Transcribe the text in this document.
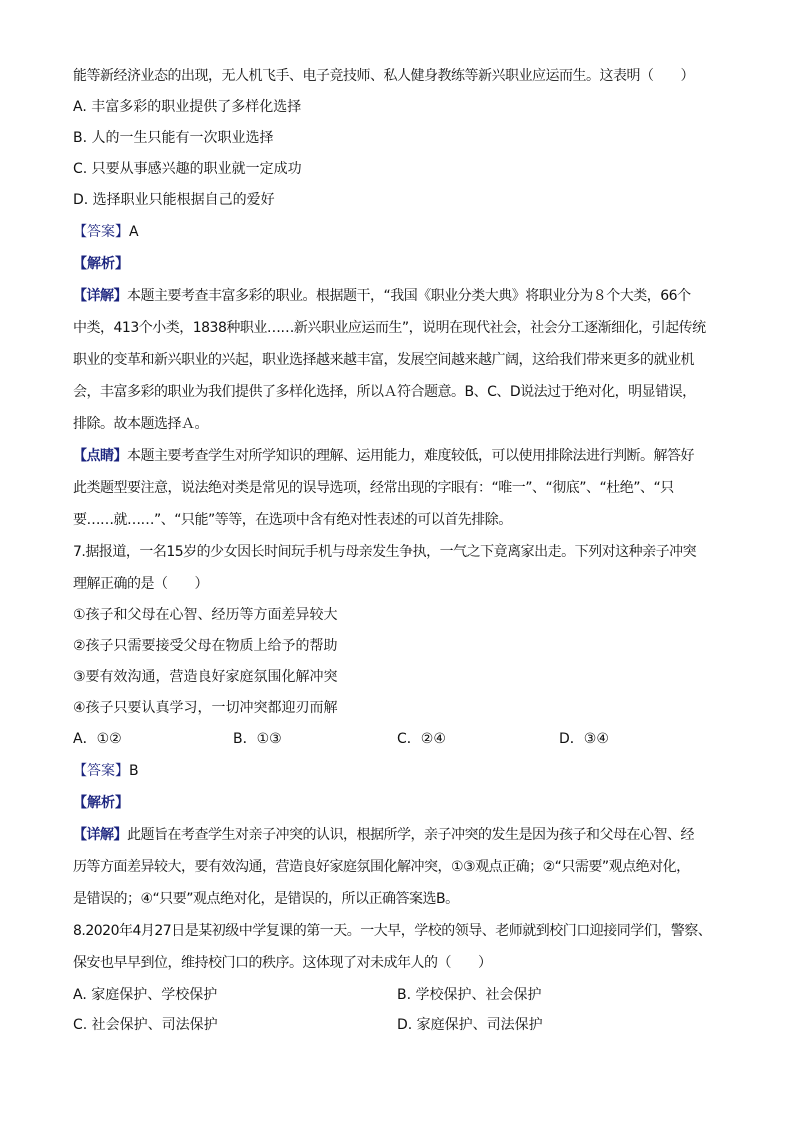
能等新经济业态的出现，无人机飞手、电子竞技师、私人健身教练等新兴职业应运而生。这表明（　　）
A. 丰富多彩的职业提供了多样化选择
B. 人的一生只能有一次职业选择
C. 只要从事感兴趣的职业就一定成功
D. 选择职业只能根据自己的爱好
【答案】A
【解析】
【详解】本题主要考查丰富多彩的职业。根据题干，“我国《职业分类大典》将职业分为８个大类，66个
中类，413个小类，1838种职业……新兴职业应运而生”，说明在现代社会，社会分工逐渐细化，引起传统
职业的变革和新兴职业的兴起，职业选择越来越丰富，发展空间越来越广阔，这给我们带来更多的就业机
会，丰富多彩的职业为我们提供了多样化选择，所以Ａ符合题意。B、C、D说法过于绝对化，明显错误，
排除。故本题选择Ａ。
【点睛】本题主要考查学生对所学知识的理解、运用能力，难度较低，可以使用排除法进行判断。解答好
此类题型要注意，说法绝对类是常见的误导选项，经常出现的字眼有：“唯一”、“彻底”、“杜绝”、“只
要……就……”、“只能”等等，在选项中含有绝对性表述的可以首先排除。
7.据报道，一名15岁的少女因长时间玩手机与母亲发生争执，一气之下竟离家出走。下列对这种亲子冲突
理解正确的是（　　）
①孩子和父母在心智、经历等方面差异较大
②孩子只需要接受父母在物质上给予的帮助
③要有效沟通，营造良好家庭氛围化解冲突
④孩子只要认真学习，一切冲突都迎刃而解
A．①②	B．①③	C．②④	D．③④
【答案】B
【解析】
【详解】此题旨在考查学生对亲子冲突的认识，根据所学，亲子冲突的发生是因为孩子和父母在心智、经
历等方面差异较大，要有效沟通，营造良好家庭氛围化解冲突，①③观点正确；②“只需要”观点绝对化，
是错误的；④“只要”观点绝对化，是错误的，所以正确答案选B。
8.2020年4月27日是某初级中学复课的第一天。一大早，学校的领导、老师就到校门口迎接同学们，警察、
保安也早早到位，维持校门口的秩序。这体现了对未成年人的（　　）
A. 家庭保护、学校保护	B. 学校保护、社会保护
C. 社会保护、司法保护	D. 家庭保护、司法保护
